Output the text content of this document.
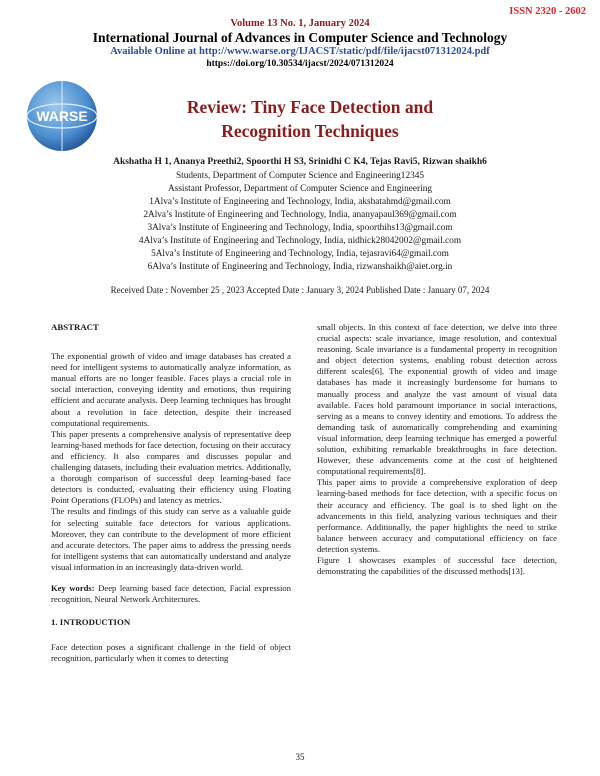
ISSN 2320 - 2602
Volume 13 No. 1, January 2024
International Journal of Advances in Computer Science and Technology
Available Online at http://www.warse.org/IJACST/static/pdf/file/ijacst071312024.pdf
https://doi.org/10.30534/ijacst/2024/071312024
WARSE	Review: Tiny Face Detection and
Recognition Techniques
Akshatha H 1, Ananya Preethi2, Spoorthi H S3, Srinidhi C K4, Tejas Ravi5, Rizwan shaikh6
Students, Department of Computer Science and Engineering12345
Assistant Professor, Department of Computer Science and Engineering
1Alva’s Institute of Engineering and Technology, India, akshatahmd@gmail.com
2Alva’s Institute of Engineering and Technology, India, ananyapaul369@gmail.com
3Alva’s Institute of Engineering and Technology, India, spoorthihs13@gmail.com
4Alva’s Institute of Engineering and Technology, India, nidhick28042002@gmail.com
5Alva’s Institute of Engineering and Technology, India, tejasravi64@gmail.com
6Alva’s Institute of Engineering and Technology, India, rizwanshaikh@aiet.org.in
Received Date : November 25 , 2023 Accepted Date : January 3, 2024 Published Date : January 07, 2024
ABSTRACT
The exponential growth of video and image databases has created a need for intelligent systems to automatically analyze information, as manual efforts are no longer feasible. Faces plays a crucial role in social interaction, conveying identity and emotions, thus requiring efficient and accurate analysis. Deep learning techniques has brought about a revolution in face detection, despite their increased computational requirements.
This paper presents a comprehensive analysis of representative deep learning-based methods for face detection, focusing on their accuracy and efficiency. It also compares and discusses popular and challenging datasets, including their evaluation metrics. Additionally, a thorough comparison of successful deep learning-based face detectors is conducted, evaluating their efficiency using Floating Point Operations (FLOPs) and latency as metrics.
The results and findings of this study can serve as a valuable guide for selecting suitable face detectors for various applications. Moreover, they can contribute to the development of more efficient and accurate detectors. The paper aims to address the pressing needs for intelligent systems that can automatically understand and analyze visual information in an increasingly data-driven world.
Key words: Deep learning based face detection, Facial expression recognition, Neural Network Architectures.
1. INTRODUCTION
Face detection poses a significant challenge in the field of object recognition, particularly when it comes to detecting
small objects. In this context of face detection, we delve into three crucial aspects: scale invariance, image resolution, and contextual reasoning. Scale invariance is a fundamental property in recognition and object detection systems, enabling robust detection across different scales[6]. The exponential growth of video and image databases has made it increasingly burdensome for humans to manually process and analyze the vast amount of visual data available. Faces hold paramount importance in social interactions, serving as a means to convey identity and emotions. To address the demanding task of automatically comprehending and examining visual information, deep learning technique has emerged a powerful solution, exhibiting remarkable breakthroughs in face detection. However, these advancements come at the cost of heightened computational requirements[8].
This paper aims to provide a comprehensive exploration of deep learning-based methods for face detection, with a specific focus on their accuracy and efficiency. The goal is to shed light on the advancements in this field, analyzing various techniques and their performance. Additionally, the paper highlights the need to strike balance between accuracy and computational efficiency on face detection systems.
Figure 1 showcases examples of successful face detection, demonstrating the capabilities of the discussed methods[13].
35
